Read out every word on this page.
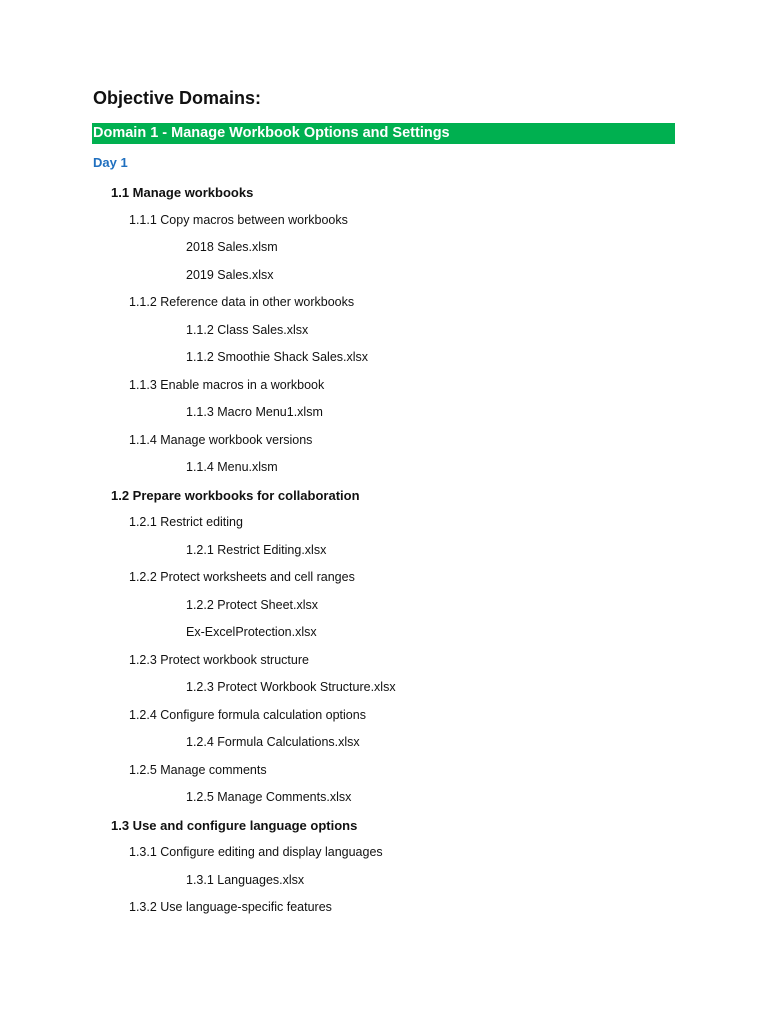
Objective Domains:
Domain 1 - Manage Workbook Options and Settings
Day 1
1.1 Manage workbooks
1.1.1 Copy macros between workbooks
2018 Sales.xlsm
2019 Sales.xlsx
1.1.2 Reference data in other workbooks
1.1.2 Class Sales.xlsx
1.1.2 Smoothie Shack Sales.xlsx
1.1.3 Enable macros in a workbook
1.1.3 Macro Menu1.xlsm
1.1.4 Manage workbook versions
1.1.4 Menu.xlsm
1.2 Prepare workbooks for collaboration
1.2.1 Restrict editing
1.2.1 Restrict Editing.xlsx
1.2.2 Protect worksheets and cell ranges
1.2.2 Protect Sheet.xlsx
Ex-ExcelProtection.xlsx
1.2.3 Protect workbook structure
1.2.3 Protect Workbook Structure.xlsx
1.2.4 Configure formula calculation options
1.2.4 Formula Calculations.xlsx
1.2.5 Manage comments
1.2.5 Manage Comments.xlsx
1.3 Use and configure language options
1.3.1 Configure editing and display languages
1.3.1 Languages.xlsx
1.3.2 Use language-specific features
